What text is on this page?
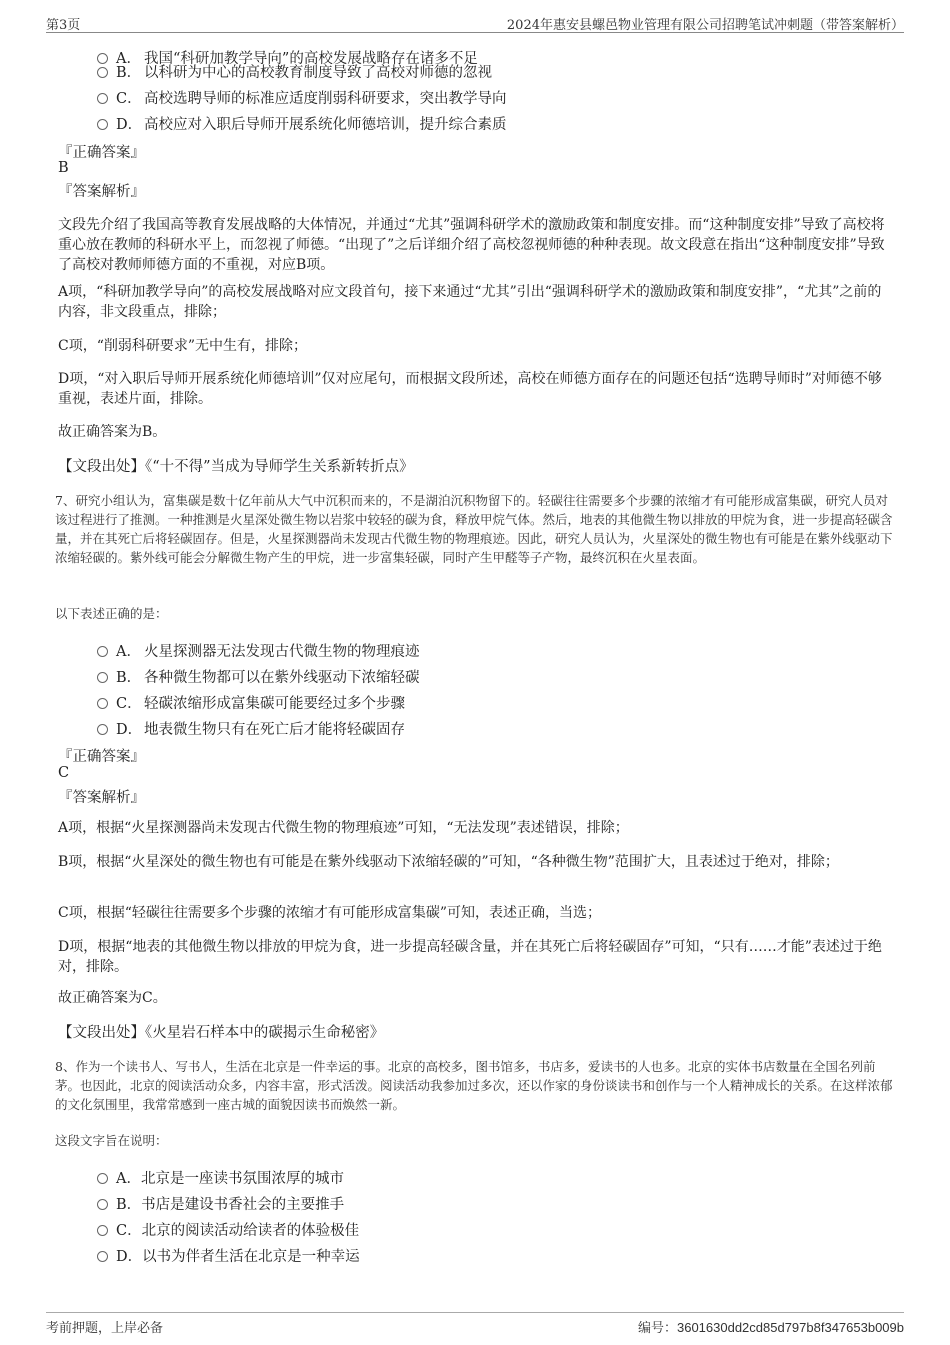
第3页	2024年惠安县螺邑物业管理有限公司招聘笔试冲刺题（带答案解析）
A． 我国“科研加教学导向”的高校发展战略存在诸多不足
B． 以科研为中心的高校教育制度导致了高校对师德的忽视
C． 高校选聘导师的标准应适度削弱科研要求，突出教学导向
D． 高校应对入职后导师开展系统化师德培训，提升综合素质
『正确答案』
B
『答案解析』
文段先介绍了我国高等教育发展战略的大体情况，并通过“尤其”强调科研学术的激励政策和制度安排。而“这种制度安排”导致了高校将重心放在教师的科研水平上，而忽视了师德。“出现了”之后详细介绍了高校忽视师德的种种表现。故文段意在指出“这种制度安排”导致了高校对教师师德方面的不重视，对应B项。
A项，“科研加教学导向”的高校发展战略对应文段首句，接下来通过“尤其”引出“强调科研学术的激励政策和制度安排”，“尤其”之前的内容，非文段重点，排除；
C项，“削弱科研要求”无中生有，排除；
D项，“对入职后导师开展系统化师德培训”仅对应尾句，而根据文段所述，高校在师德方面存在的问题还包括“选聘导师时”对师德不够重视，表述片面，排除。
故正确答案为B。
【文段出处】《“十不得”当成为导师学生关系新转折点》
7、研究小组认为，富集碳是数十亿年前从大气中沉积而来的，不是湖泊沉积物留下的。轻碳往往需要多个步骤的浓缩才有可能形成富集碳，研究人员对该过程进行了推测。一种推测是火星深处微生物以岩浆中较轻的碳为食，释放甲烷气体。然后，地表的其他微生物以排放的甲烷为食，进一步提高轻碳含量，并在其死亡后将轻碳固存。但是，火星探测器尚未发现古代微生物的物理痕迹。因此，研究人员认为，火星深处的微生物也有可能是在紫外线驱动下浓缩轻碳的。紫外线可能会分解微生物产生的甲烷，进一步富集轻碳，同时产生甲醛等子产物，最终沉积在火星表面。
以下表述正确的是：
A． 火星探测器无法发现古代微生物的物理痕迹
B． 各种微生物都可以在紫外线驱动下浓缩轻碳
C． 轻碳浓缩形成富集碳可能要经过多个步骤
D． 地表微生物只有在死亡后才能将轻碳固存
『正确答案』
C
『答案解析』
A项，根据“火星探测器尚未发现古代微生物的物理痕迹”可知，“无法发现”表述错误，排除；
B项，根据“火星深处的微生物也有可能是在紫外线驱动下浓缩轻碳的”可知，“各种微生物”范围扩大，且表述过于绝对，排除；
C项，根据“轻碳往往需要多个步骤的浓缩才有可能形成富集碳”可知，表述正确，当选；
D项，根据“地表的其他微生物以排放的甲烷为食，进一步提高轻碳含量，并在其死亡后将轻碳固存”可知，“只有……才能”表述过于绝对，排除。
故正确答案为C。
【文段出处】《火星岩石样本中的碳揭示生命秘密》
8、作为一个读书人、写书人，生活在北京是一件幸运的事。北京的高校多，图书馆多，书店多，爱读书的人也多。北京的实体书店数量在全国名列前茅。也因此，北京的阅读活动众多，内容丰富，形式活泼。阅读活动我参加过多次，还以作家的身份谈读书和创作与一个人精神成长的关系。在这样浓郁的文化氛围里，我常常感到一座古城的面貌因读书而焕然一新。
这段文字旨在说明：
A．北京是一座读书氛围浓厚的城市
B．书店是建设书香社会的主要推手
C．北京的阅读活动给读者的体验极佳
D．以书为伴者生活在北京是一种幸运
考前押题，上岸必备	编号：3601630dd2cd85d797b8f347653b009b
